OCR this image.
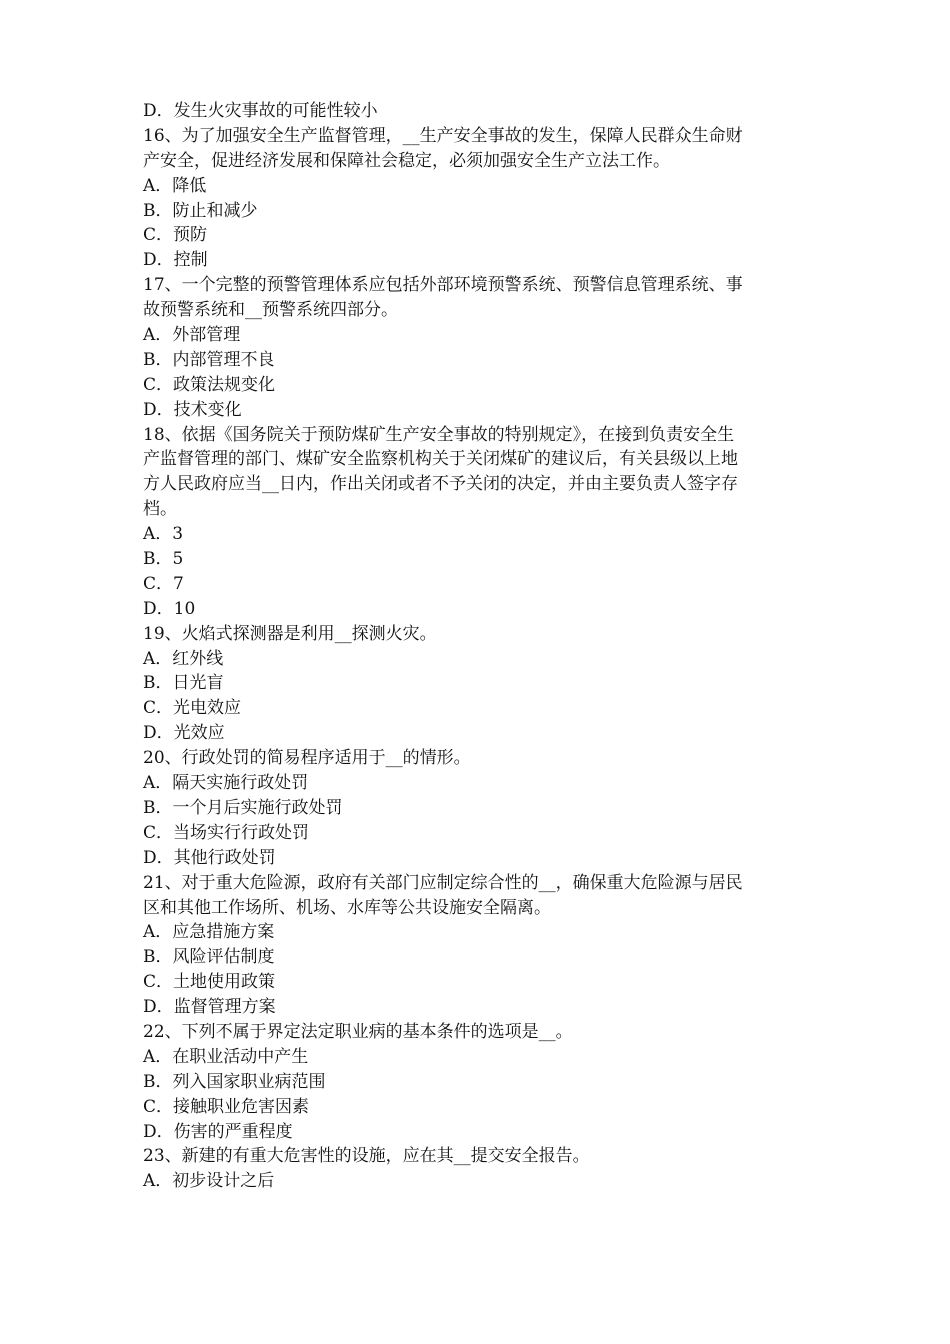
D．发生火灾事故的可能性较小
16、为了加强安全生产监督管理，__生产安全事故的发生，保障人民群众生命财
产安全，促进经济发展和保障社会稳定，必须加强安全生产立法工作。
A．降低
B．防止和减少
C．预防
D．控制
17、一个完整的预警管理体系应包括外部环境预警系统、预警信息管理系统、事
故预警系统和__预警系统四部分。
A．外部管理
B．内部管理不良
C．政策法规变化
D．技术变化
18、依据《国务院关于预防煤矿生产安全事故的特别规定》，在接到负责安全生
产监督管理的部门、煤矿安全监察机构关于关闭煤矿的建议后，有关县级以上地
方人民政府应当__日内，作出关闭或者不予关闭的决定，并由主要负责人签字存
档。
A．3
B．5
C．7
D．10
19、火焰式探测器是利用__探测火灾。
A．红外线
B．日光盲
C．光电效应
D．光效应
20、行政处罚的简易程序适用于__的情形。
A．隔天实施行政处罚
B．一个月后实施行政处罚
C．当场实行行政处罚
D．其他行政处罚
21、对于重大危险源，政府有关部门应制定综合性的__，确保重大危险源与居民
区和其他工作场所、机场、水库等公共设施安全隔离。
A．应急措施方案
B．风险评估制度
C．土地使用政策
D．监督管理方案
22、下列不属于界定法定职业病的基本条件的选项是__。
A．在职业活动中产生
B．列入国家职业病范围
C．接触职业危害因素
D．伤害的严重程度
23、新建的有重大危害性的设施，应在其__提交安全报告。
A．初步设计之后
